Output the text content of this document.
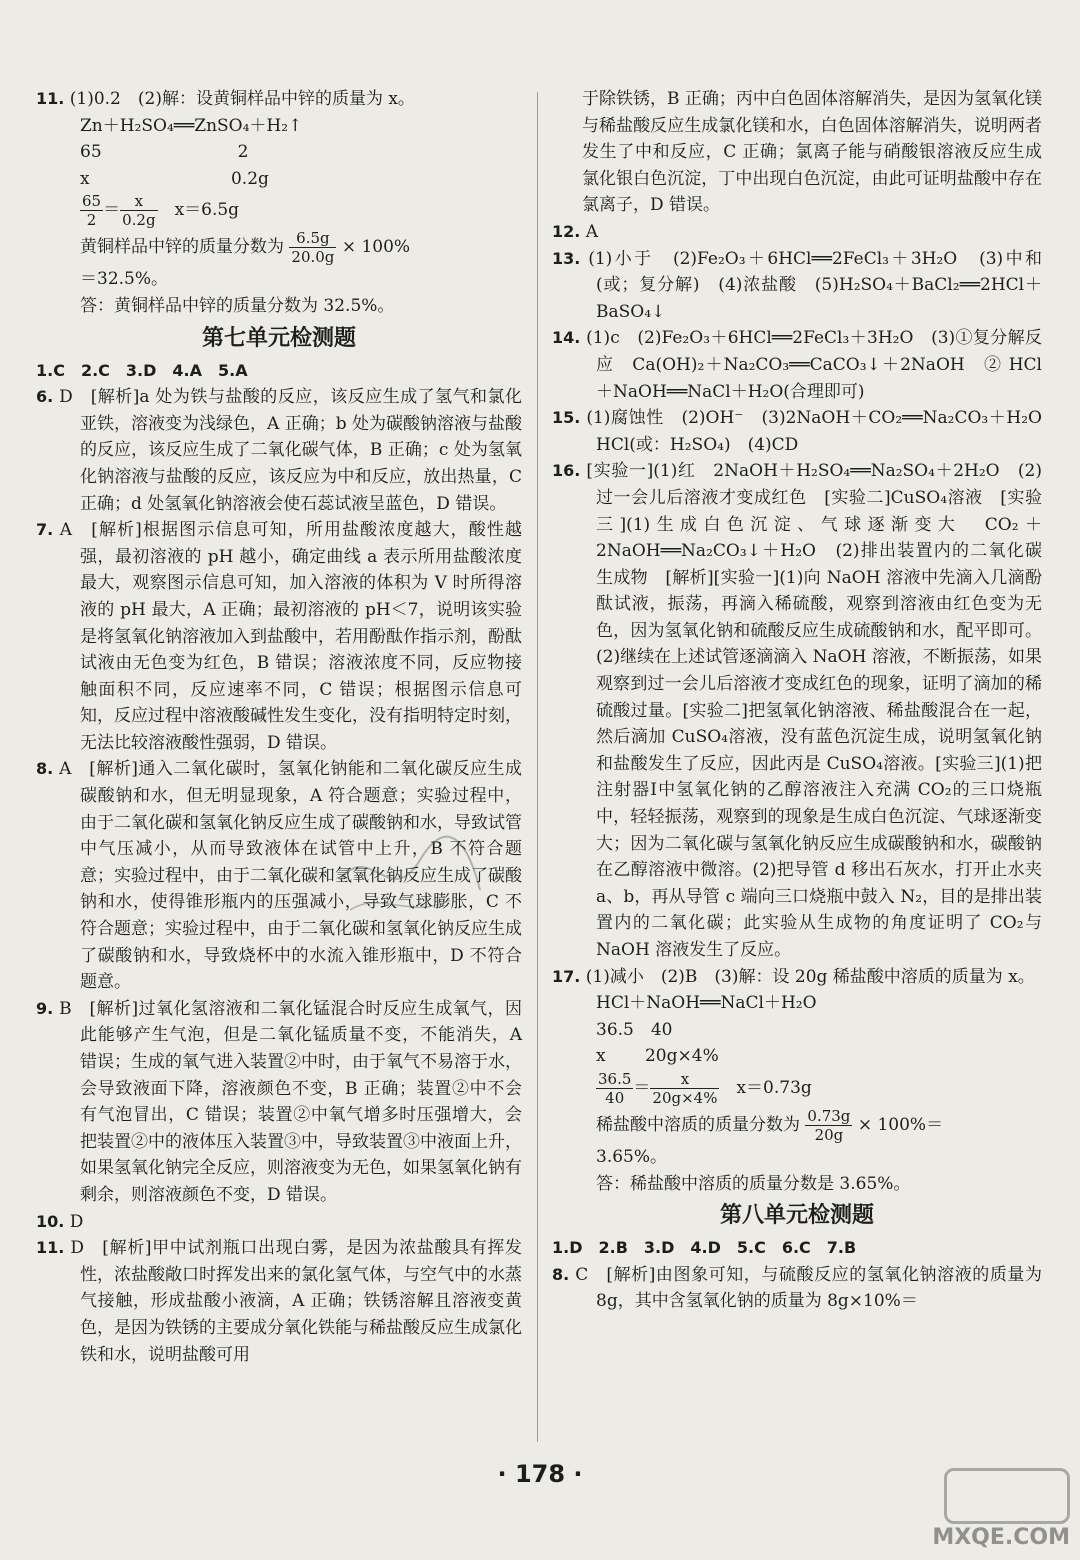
11. (1)0.2　(2)解：设黄铜样品中锌的质量为 x。
Zn＋H₂SO₄══ZnSO₄＋H₂↑
65　　　　　　　　2
x　　　　　　　　 0.2g
$\frac{65}{2} = \frac{x}{0.2g}$
　 x＝6.5g
黄铜样品中锌的质量分数为 $\frac{6.5g}{20.0g} \times 100\%$
＝32.5%。
答：黄铜样品中锌的质量分数为 32.5%。
第七单元检测题
1.C　2.C　3.D　4.A　5.A
6. D　[解析]a 处为铁与盐酸的反应，该反应生成了氢气和氯化亚铁，溶液变为浅绿色，A 正确；b 处为碳酸钠溶液与盐酸的反应，该反应生成了二氧化碳气体，B 正确；c 处为氢氧化钠溶液与盐酸的反应，该反应为中和反应，放出热量，C 正确；d 处氢氧化钠溶液会使石蕊试液呈蓝色，D 错误。
7. A　[解析]根据图示信息可知，所用盐酸浓度越大，酸性越强，最初溶液的 pH 越小，确定曲线 a 表示所用盐酸浓度最大，观察图示信息可知，加入溶液的体积为 V 时所得溶液的 pH 最大，A 正确；最初溶液的 pH＜7，说明该实验是将氢氧化钠溶液加入到盐酸中，若用酚酞作指示剂，酚酞试液由无色变为红色，B 错误；溶液浓度不同，反应物接触面积不同，反应速率不同，C 错误；根据图示信息可知，反应过程中溶液酸碱性发生变化，没有指明特定时刻，无法比较溶液酸性强弱，D 错误。
8. A　[解析]通入二氧化碳时，氢氧化钠能和二氧化碳反应生成碳酸钠和水，但无明显现象，A 符合题意；实验过程中，由于二氧化碳和氢氧化钠反应生成了碳酸钠和水，导致试管中气压减小，从而导致液体在试管中上升，B 不符合题意；实验过程中，由于二氧化碳和氢氧化钠反应生成了碳酸钠和水，使得锥形瓶内的压强减小，导致气球膨胀，C 不符合题意；实验过程中，由于二氧化碳和氢氧化钠反应生成了碳酸钠和水，导致烧杯中的水流入锥形瓶中，D 不符合题意。
9. B　[解析]过氧化氢溶液和二氧化锰混合时反应生成氧气，因此能够产生气泡，但是二氧化锰质量不变，不能消失，A 错误；生成的氧气进入装置②中时，由于氧气不易溶于水，会导致液面下降，溶液颜色不变，B 正确；装置②中不会有气泡冒出，C 错误；装置②中氧气增多时压强增大，会把装置②中的液体压入装置③中，导致装置③中液面上升，如果氢氧化钠完全反应，则溶液变为无色，如果氢氧化钠有剩余，则溶液颜色不变，D 错误。
10. D
11. D　[解析]甲中试剂瓶口出现白雾，是因为浓盐酸具有挥发性，浓盐酸敞口时挥发出来的氯化氢气体，与空气中的水蒸气接触，形成盐酸小液滴，A 正确；铁锈溶解且溶液变黄色，是因为铁锈的主要成分氧化铁能与稀盐酸反应生成氯化铁和水，说明盐酸可用
于除铁锈，B 正确；丙中白色固体溶解消失，是因为氢氧化镁与稀盐酸反应生成氯化镁和水，白色固体溶解消失，说明两者发生了中和反应，C 正确；氯离子能与硝酸银溶液反应生成氯化银白色沉淀，丁中出现白色沉淀，由此可证明盐酸中存在氯离子，D 错误。
12. A
13. (1)小于　(2)Fe₂O₃＋6HCl══2FeCl₃＋3H₂O　(3)中和(或；复分解)　(4)浓盐酸　(5)H₂SO₄＋BaCl₂══2HCl＋BaSO₄↓
14. (1)c　(2)Fe₂O₃＋6HCl══2FeCl₃＋3H₂O　(3)①复分解反应　Ca(OH)₂＋Na₂CO₃══CaCO₃↓＋2NaOH　② HCl＋NaOH══NaCl＋H₂O(合理即可)
15. (1)腐蚀性　(2)OH⁻　(3)2NaOH＋CO₂══Na₂CO₃＋H₂O　HCl(或：H₂SO₄)　(4)CD
16. [实验一](1)红　2NaOH＋H₂SO₄══Na₂SO₄＋2H₂O　(2)过一会儿后溶液才变成红色　[实验二]CuSO₄溶液　[实验三](1)生成白色沉淀、气球逐渐变大　CO₂＋2NaOH══Na₂CO₃↓＋H₂O　(2)排出装置内的二氧化碳　生成物　[解析][实验一](1)向 NaOH 溶液中先滴入几滴酚酞试液，振荡，再滴入稀硫酸，观察到溶液由红色变为无色，因为氢氧化钠和硫酸反应生成硫酸钠和水，配平即可。(2)继续在上述试管逐滴滴入 NaOH 溶液，不断振荡，如果观察到过一会儿后溶液才变成红色的现象，证明了滴加的稀硫酸过量。[实验二]把氢氧化钠溶液、稀盐酸混合在一起，然后滴加 CuSO₄溶液，没有蓝色沉淀生成，说明氢氧化钠和盐酸发生了反应，因此丙是 CuSO₄溶液。[实验三](1)把注射器Ⅰ中氢氧化钠的乙醇溶液注入充满 CO₂的三口烧瓶中，轻轻振荡，观察到的现象是生成白色沉淀、气球逐渐变大；因为二氧化碳与氢氧化钠反应生成碳酸钠和水，碳酸钠在乙醇溶液中微溶。(2)把导管 d 移出石灰水，打开止水夹 a、b，再从导管 c 端向三口烧瓶中鼓入 N₂，目的是排出装置内的二氧化碳；此实验从生成物的角度证明了 CO₂与 NaOH 溶液发生了反应。
17. (1)减小　(2)B　(3)解：设 20g 稀盐酸中溶质的质量为 x。
HCl＋NaOH══NaCl＋H₂O
36.5　40
x　　 20g×4%
$\frac{36.5}{40} = \frac{x}{20g\times 4\%}$
　 x＝0.73g
稀盐酸中溶质的质量分数为 $\frac{0.73g}{20g} \times 100\%=$
3.65%。
答：稀盐酸中溶质的质量分数是 3.65%。
第八单元检测题
1.D　2.B　3.D　4.D　5.C　6.C　7.B
8. C　[解析]由图象可知，与硫酸反应的氢氧化钠溶液的质量为 8g，其中含氢氧化钠的质量为 8g×10%＝
· 178 ·
MXQE.COM
